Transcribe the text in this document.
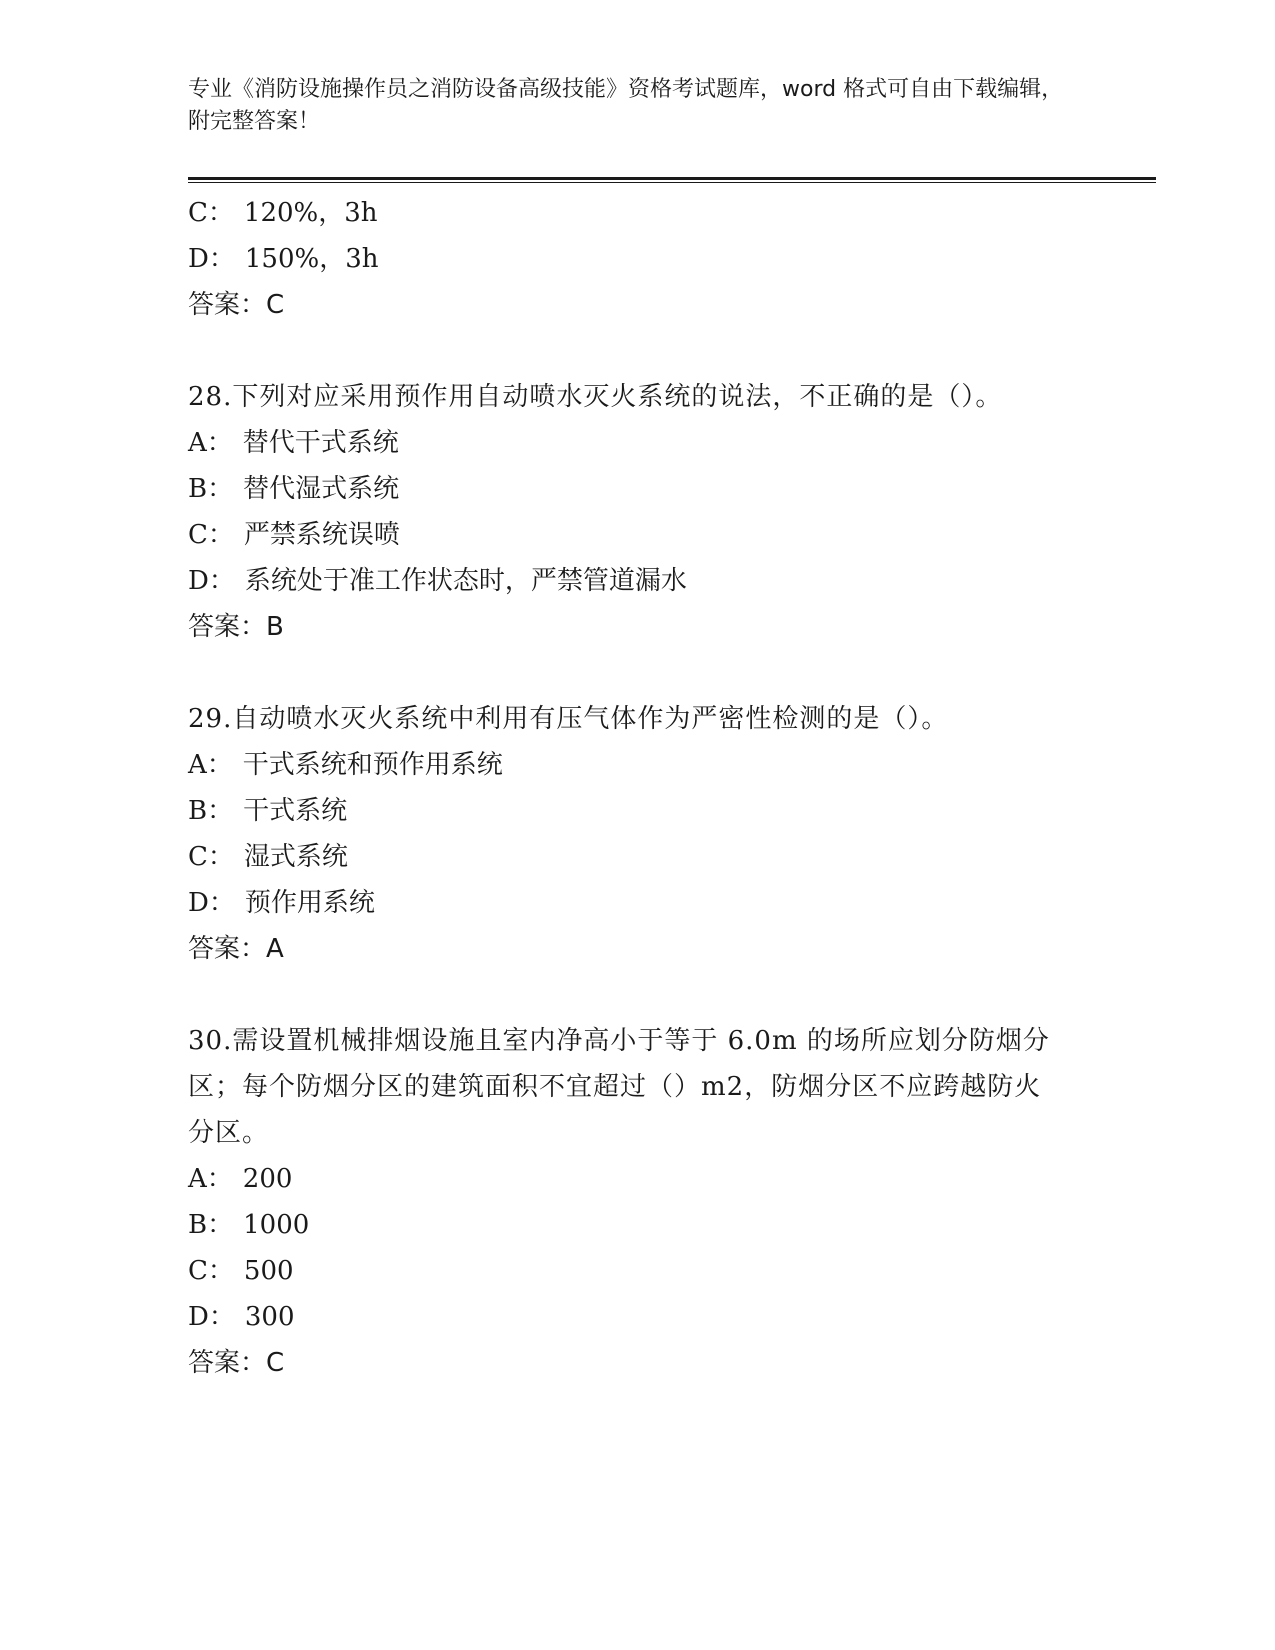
专业《消防设施操作员之消防设备高级技能》资格考试题库，word 格式可自由下载编辑，附完整答案！
C： 120%，3h
D： 150%，3h
答案：C
28.下列对应采用预作用自动喷水灭火系统的说法，不正确的是（）。
A： 替代干式系统
B： 替代湿式系统
C： 严禁系统误喷
D： 系统处于准工作状态时，严禁管道漏水
答案：B
29.自动喷水灭火系统中利用有压气体作为严密性检测的是（）。
A： 干式系统和预作用系统
B： 干式系统
C： 湿式系统
D： 预作用系统
答案：A
30.需设置机械排烟设施且室内净高小于等于 6.0m 的场所应划分防烟分区；每个防烟分区的建筑面积不宜超过（）m2，防烟分区不应跨越防火分区。
A： 200
B： 1000
C： 500
D： 300
答案：C
